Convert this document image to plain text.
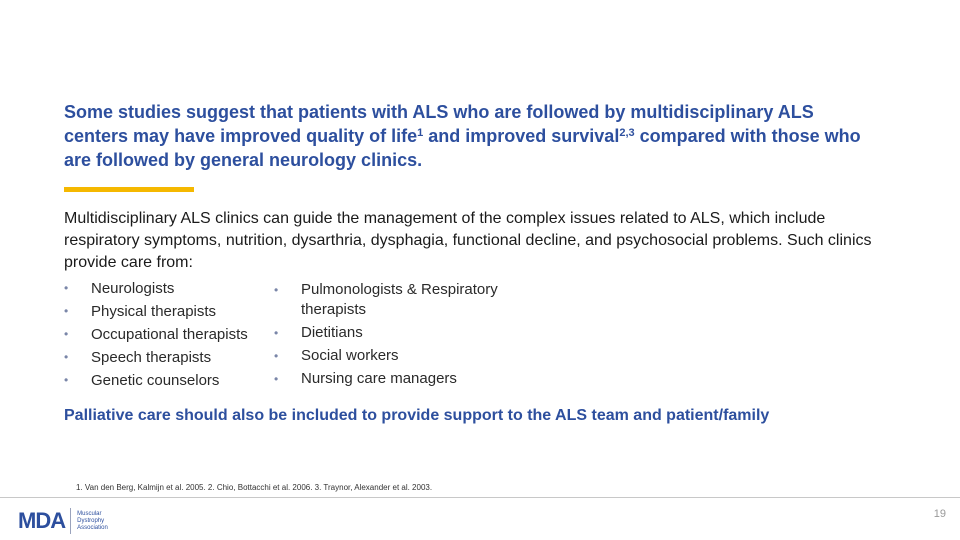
Some studies suggest that patients with ALS who are followed by multidisciplinary ALS centers may have improved quality of life$^1$ and improved survival$^{2,3}$ compared with those who are followed by general neurology clinics.
Multidisciplinary ALS clinics can guide the management of the complex issues related to ALS, which include respiratory symptoms, nutrition, dysarthria, dysphagia, functional decline, and psychosocial problems. Such clinics provide care from:
• Neurologists
• Physical therapists
• Occupational therapists
• Speech therapists
• Genetic counselors
• Pulmonologists & Respiratory therapists
• Dietitians
• Social workers
• Nursing care managers
Palliative care should also be included to provide support to the ALS team and patient/family
1. Van den Berg, Kalmijn et al. 2005. 2. Chio, Bottacchi et al. 2006. 3. Traynor, Alexander et al. 2003.
MDA Muscular
Dystrophy
Association
19
